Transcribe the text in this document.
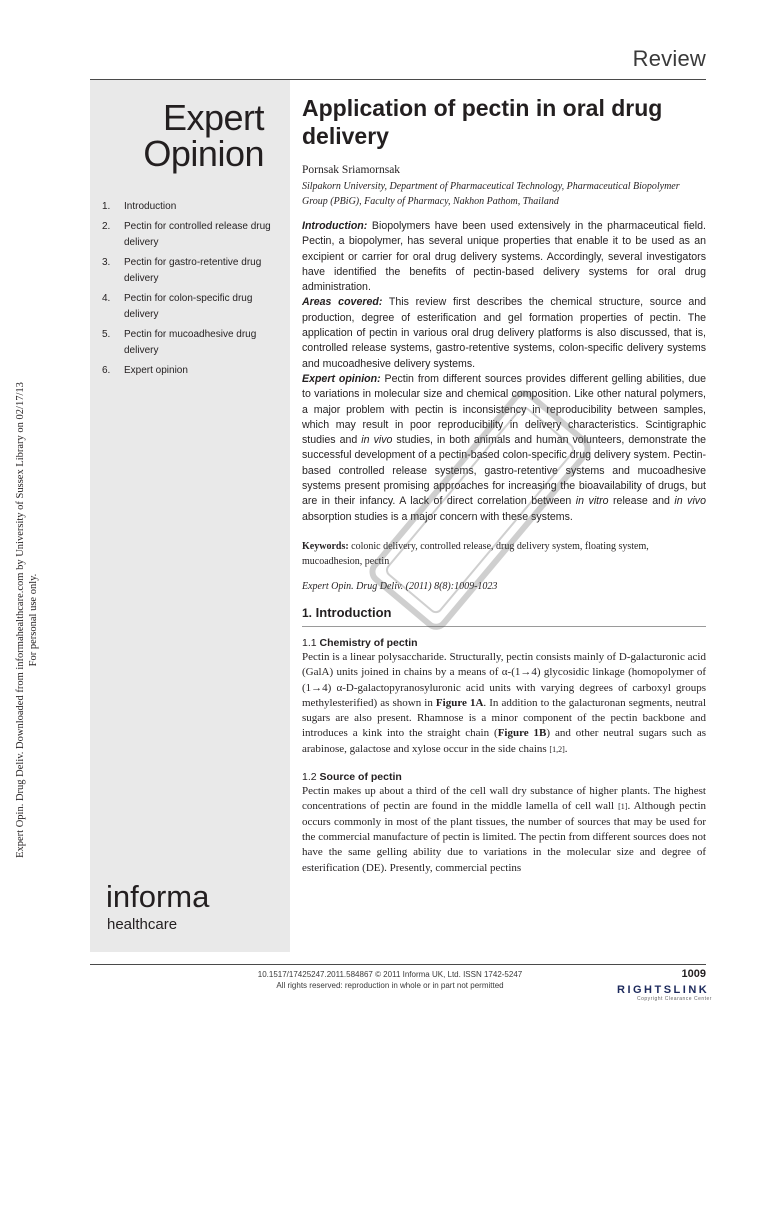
Review
Expert Opin. Drug Deliv. Downloaded from informahealthcare.com by University of Sussex Library on 02/17/13 For personal use only.
Expert
Opinion
1.	Introduction
2.	Pectin for controlled release drug delivery
3.	Pectin for gastro-retentive drug delivery
4.	Pectin for colon-specific drug delivery
5.	Pectin for mucoadhesive drug delivery
6.	Expert opinion
informa
healthcare
Application of pectin in oral drug delivery

Pornsak Sriamornsak

Silpakorn University, Department of Pharmaceutical Technology, Pharmaceutical Biopolymer Group (PBiG), Faculty of Pharmacy, Nakhon Pathom, Thailand

Introduction: Biopolymers have been used extensively in the pharmaceutical field. Pectin, a biopolymer, has several unique properties that enable it to be used as an excipient or carrier for oral drug delivery systems. Accordingly, several investigators have identified the benefits of pectin-based delivery systems for oral drug administration.

Areas covered: This review first describes the chemical structure, source and production, degree of esterification and gel formation properties of pectin. The application of pectin in various oral drug delivery platforms is also discussed, that is, controlled release systems, gastro-retentive systems, colon-specific delivery systems and mucoadhesive delivery systems.

Expert opinion: Pectin from different sources provides different gelling abilities, due to variations in molecular size and chemical composition. Like other natural polymers, a major problem with pectin is inconsistency in reproducibility between samples, which may result in poor reproducibility in delivery characteristics. Scintigraphic studies and in vivo studies, in both animals and human volunteers, demonstrate the successful development of a pectin-based colon-specific drug delivery system. Pectin-based controlled release systems, gastro-retentive systems and mucoadhesive systems present promising approaches for increasing the bioavailability of drugs, but are in their infancy. A lack of direct correlation between in vitro release and in vivo absorption studies is a major concern with these systems.

Keywords: colonic delivery, controlled release, drug delivery system, floating system, mucoadhesion, pectin

Expert Opin. Drug Deliv. (2011) 8(8):1009-1023

1. Introduction
1.1 Chemistry of pectin

Pectin is a linear polysaccharide. Structurally, pectin consists mainly of D-galacturonic acid (GalA) units joined in chains by a means of α-(1→4) glycosidic linkage (homopolymer of (1→4) α-D-galactopyranosyluronic acid units with varying degrees of carboxyl groups methylesterified) as shown in Figure 1A. In addition to the galacturonan segments, neutral sugars are also present. Rhamnose is a minor component of the pectin backbone and introduces a kink into the straight chain (Figure 1B) and other neutral sugars such as arabinose, galactose and xylose occur in the side chains [1,2].

1.2 Source of pectin

Pectin makes up about a third of the cell wall dry substance of higher plants. The highest concentrations of pectin are found in the middle lamella of cell wall [1]. Although pectin occurs commonly in most of the plant tissues, the number of sources that may be used for the commercial manufacture of pectin is limited. The pectin from different sources does not have the same gelling ability due to variations in the molecular size and degree of esterification (DE). Presently, commercial pectins

10.1517/17425247.2011.584867 © 2011 Informa UK, Ltd. ISSN 1742-5247
All rights reserved: reproduction in whole or in part not permitted
1009
RIGHTSLINK
Copyright Clearance Center
